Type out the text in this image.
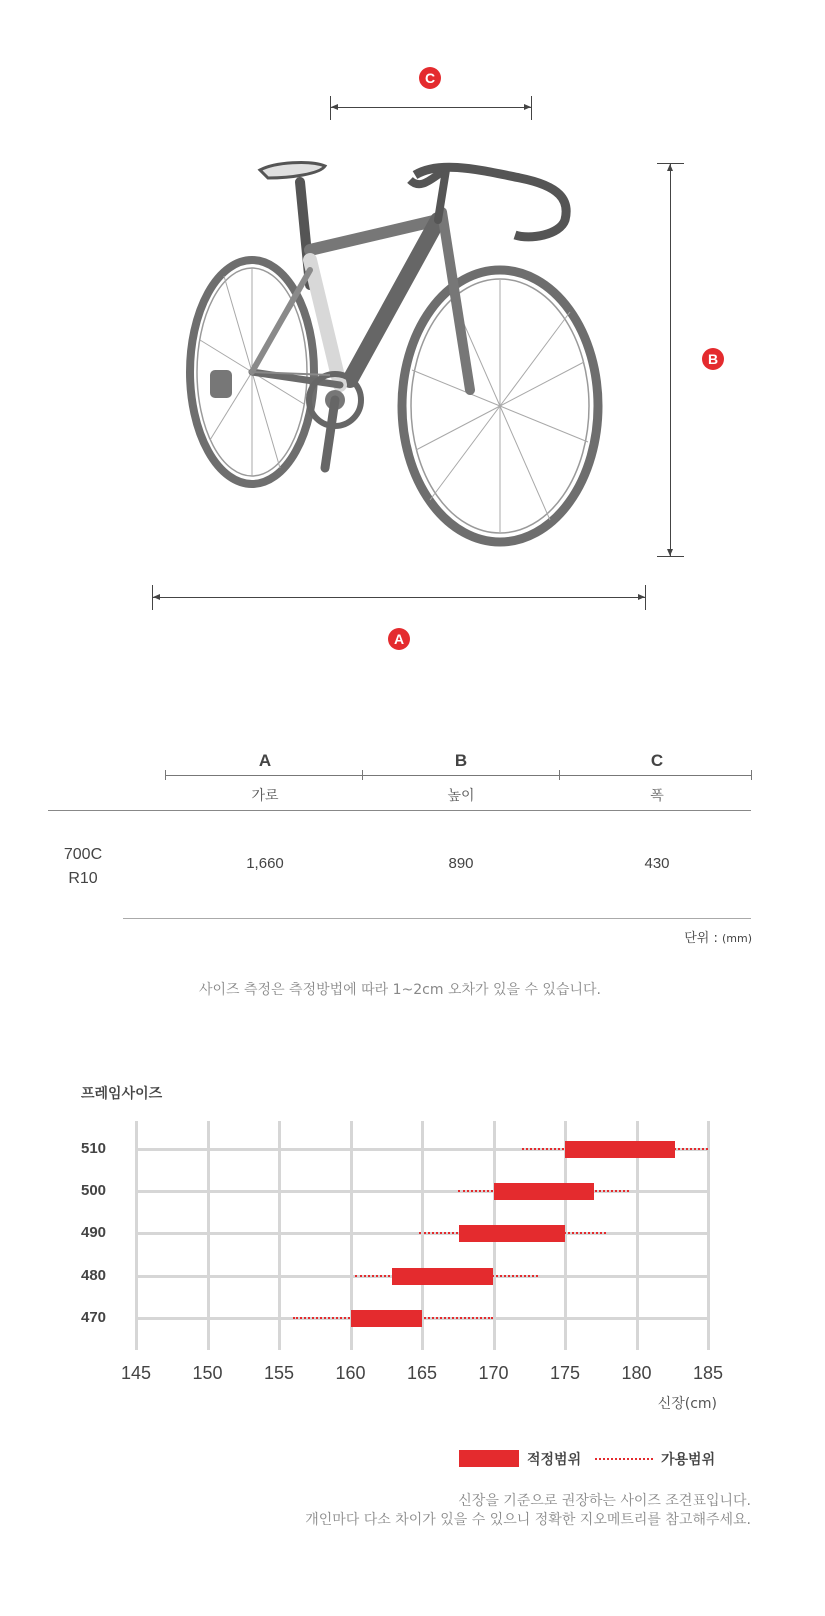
C
B
A
A	B	C
가로	높이	폭
700C
R10
1,660	890	430
단위 : (mm)
사이즈 측정은 측정방법에 따라 1~2cm 오차가 있을 수 있습니다.
프레임사이즈
145 150 155 160 165 170 175 180 185
510
500
490
480
470
신장(cm)
적정범위	가용범위
신장을 기준으로 권장하는 사이즈 조견표입니다.
개인마다 다소 차이가 있을 수 있으니 정확한 지오메트리를 참고해주세요.
